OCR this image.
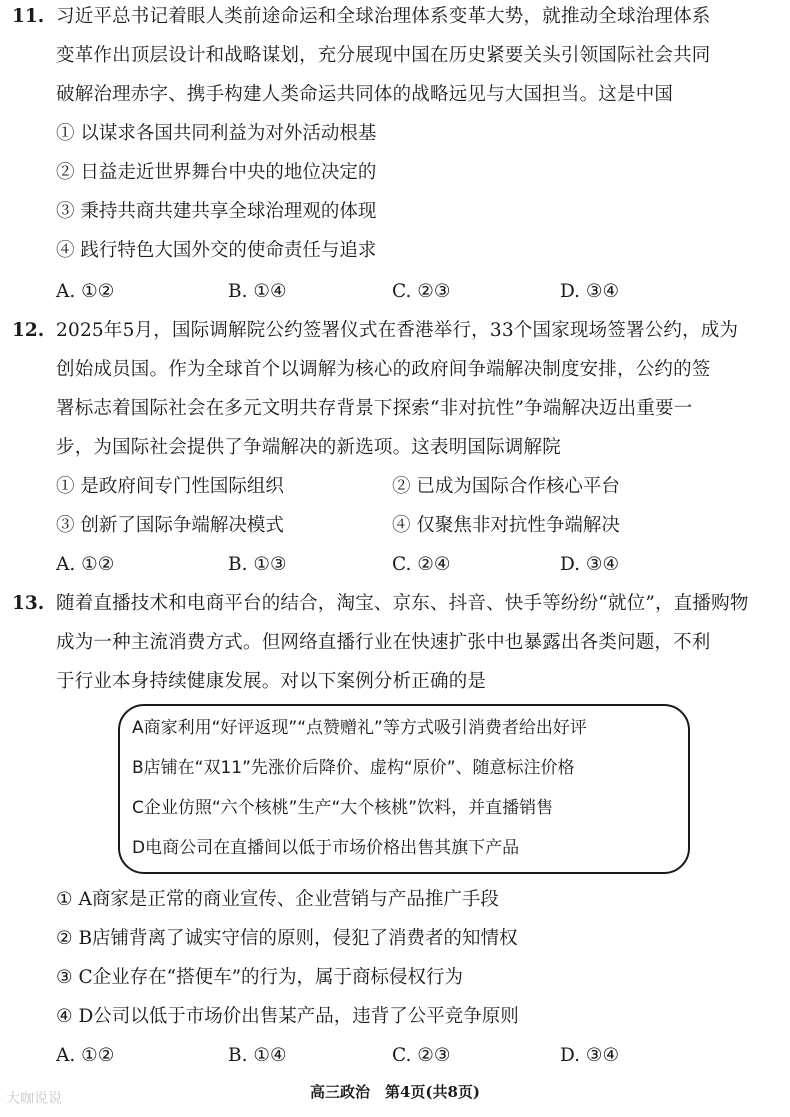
11. 习近平总书记着眼人类前途命运和全球治理体系变革大势，就推动全球治理体系
变革作出顶层设计和战略谋划，充分展现中国在历史紧要关头引领国际社会共同
破解治理赤字、携手构建人类命运共同体的战略远见与大国担当。这是中国
① 以谋求各国共同利益为对外活动根基
② 日益走近世界舞台中央的地位决定的
③ 秉持共商共建共享全球治理观的体现
④ 践行特色大国外交的使命责任与追求
A. ①②	B. ①④	C. ②③	D. ③④
12. 2025年5月，国际调解院公约签署仪式在香港举行，33个国家现场签署公约，成为
创始成员国。作为全球首个以调解为核心的政府间争端解决制度安排，公约的签
署标志着国际社会在多元文明共存背景下探索“非对抗性”争端解决迈出重要一
步，为国际社会提供了争端解决的新选项。这表明国际调解院
① 是政府间专门性国际组织	② 已成为国际合作核心平台
③ 创新了国际争端解决模式	④ 仅聚焦非对抗性争端解决
A. ①②	B. ①③	C. ②④	D. ③④
13. 随着直播技术和电商平台的结合，淘宝、京东、抖音、快手等纷纷“就位”，直播购物
成为一种主流消费方式。但网络直播行业在快速扩张中也暴露出各类问题，不利
于行业本身持续健康发展。对以下案例分析正确的是
A商家利用“好评返现”“点赞赠礼”等方式吸引消费者给出好评
B店铺在“双11”先涨价后降价、虚构“原价”、随意标注价格
C企业仿照“六个核桃”生产“大个核桃”饮料，并直播销售
D电商公司在直播间以低于市场价格出售其旗下产品
① A商家是正常的商业宣传、企业营销与产品推广手段
② B店铺背离了诚实守信的原则，侵犯了消费者的知情权
③ C企业存在“搭便车”的行为，属于商标侵权行为
④ D公司以低于市场价出售某产品，违背了公平竞争原则
A. ①②	B. ①④	C. ②③	D. ③④
高三政治　第4页(共8页)
大咖说说
